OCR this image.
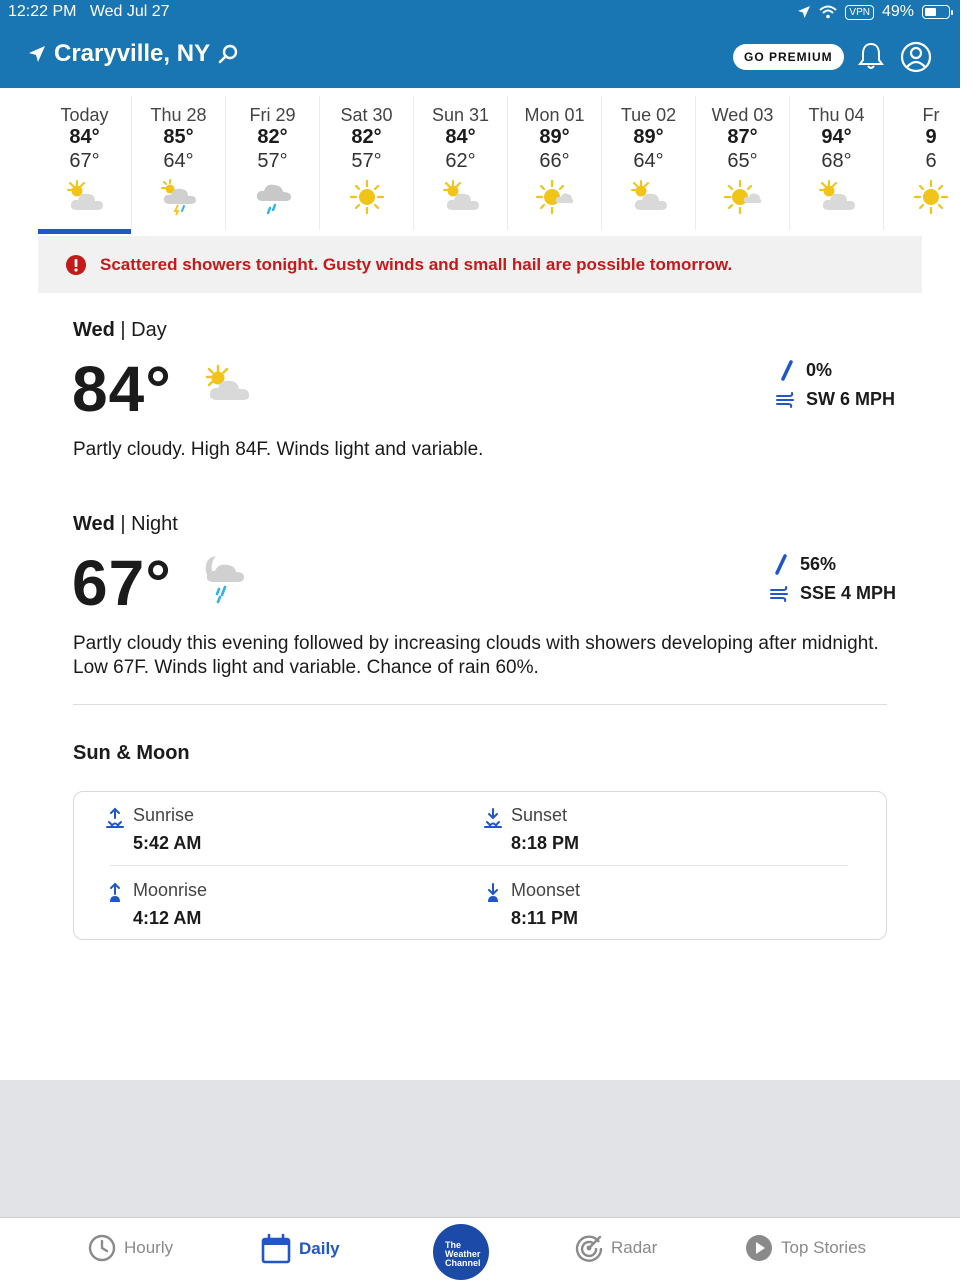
12:22 PM Wed Jul 27	VPN 49%
Craryville, NY	GO PREMIUM
Today
84°
67°
Thu 28
85°
64°
Fri 29
82°
57°
Sat 30
82°
57°
Sun 31
84°
62°
Mon 01
89°
66°
Tue 02
89°
64°
Wed 03
87°
65°
Thu 04
94°
68°
Fr
9
6
Scattered showers tonight. Gusty winds and small hail are possible tomorrow.
Wed | Day
84°	0%
SW 6 MPH
Partly cloudy. High 84F. Winds light and variable.
Wed | Night
67°	56%
SSE 4 MPH
Partly cloudy this evening followed by increasing clouds with showers developing after midnight. Low 67F. Winds light and variable. Chance of rain 60%.
Sun & Moon
Sunrise
5:42 AM
Sunset
8:18 PM
Moonrise
4:12 AM
Moonset
8:11 PM
Hourly	Daily	The Weather Channel
Radar	Top Stories
